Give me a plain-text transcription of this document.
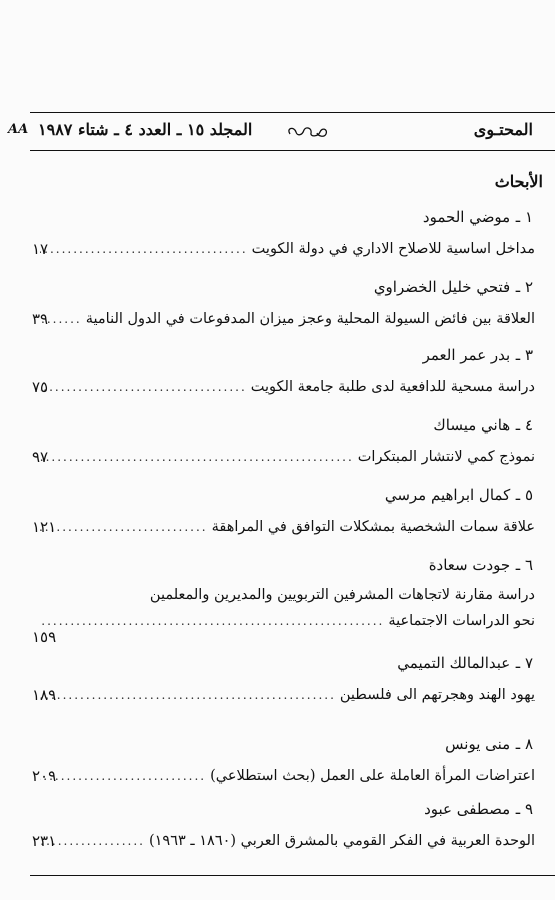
المحتـوى
المجلد ١٥ ـ العدد ٤ ـ شتاء ١٩٨٧
AA
الأبحاث
١ ـ موضي الحمود
مداخل اساسية للاصلاح الاداري في دولة الكويت
.....
١٧
٢ ـ فتحي خليل الخضراوي
العلاقة بين فائض السيولة المحلية وعجز ميزان المدفوعات في الدول النامية
.....
٣٩
٣ ـ بدر عمر العمر
دراسة مسحية للدافعية لدى طلبة جامعة الكويت
.....
٧٥
٤ ـ هاني ميساك
نموذج كمي لانتشار المبتكرات
.....
٩٧
٥ ـ كمال ابراهيم مرسي
علاقة سمات الشخصية بمشكلات التوافق في المراهقة
.....
١٢١
٦ ـ جودت سعادة
دراسة مقارنة لاتجاهات المشرفين التربويين والمديرين والمعلمين
نحو الدراسات الاجتماعية
.....
١٥٩
٧ ـ عبدالمالك التميمي
يهود الهند وهجرتهم الى فلسطين
.....
١٨٩
٨ ـ منى يونس
اعتراضات المرأة العاملة على العمل (بحث استطلاعي)
.....
٢٠٩
٩ ـ مصطفى عبود
الوحدة العربية في الفكر القومي بالمشرق العربي (١٨٦٠ ـ ١٩٦٣)
.....
٢٣١
